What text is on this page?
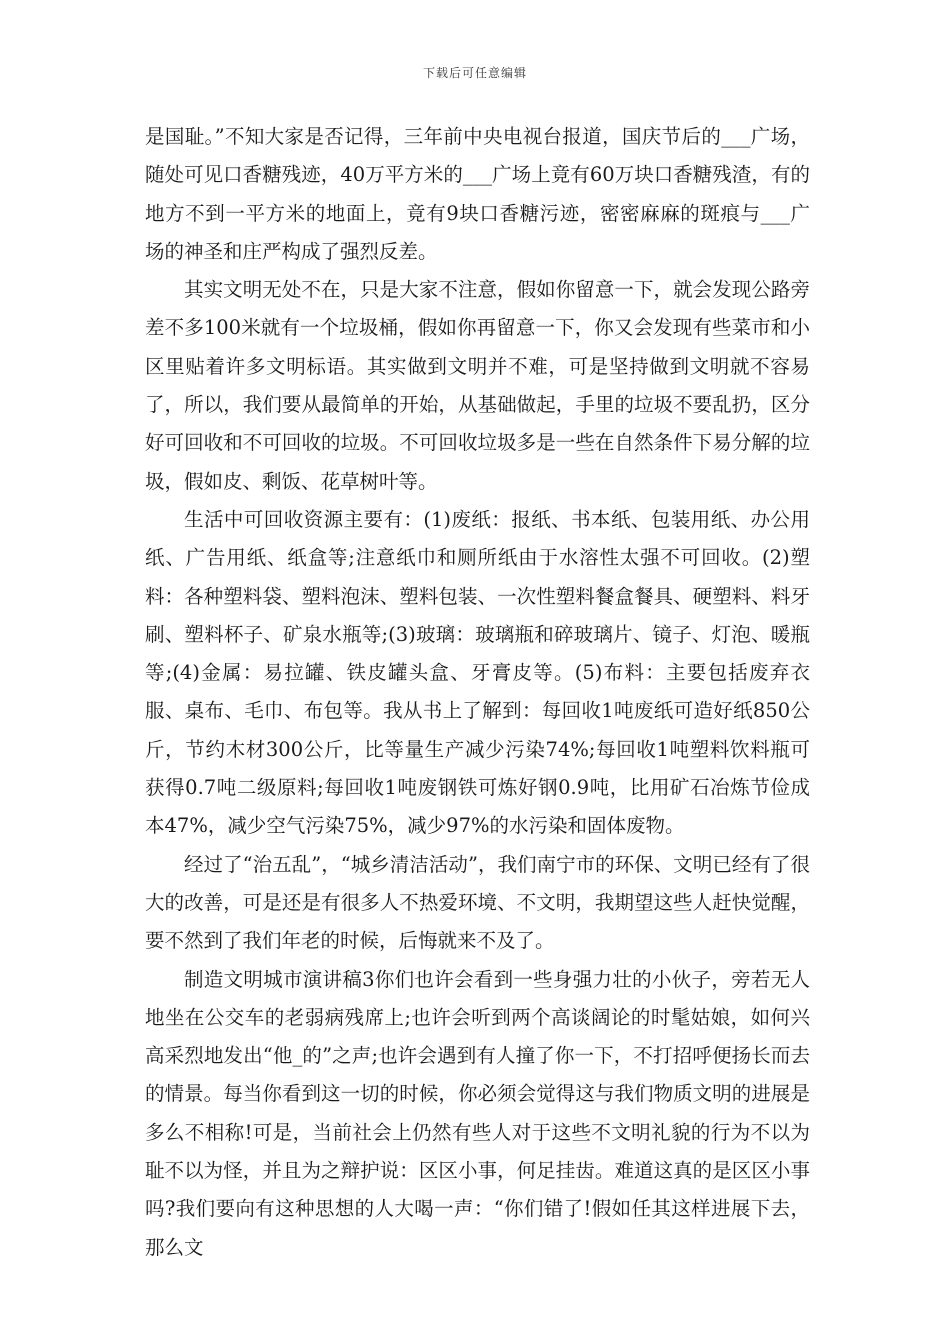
下载后可任意编辑

是国耻。”不知大家是否记得，三年前中央电视台报道，国庆节后的___广场，随处可见口香糖残迹，40万平方米的___广场上竟有60万块口香糖残渣，有的地方不到一平方米的地面上，竟有9块口香糖污迹，密密麻麻的斑痕与___广场的神圣和庄严构成了强烈反差。

其实文明无处不在，只是大家不注意，假如你留意一下，就会发现公路旁差不多100米就有一个垃圾桶，假如你再留意一下，你又会发现有些菜市和小区里贴着许多文明标语。其实做到文明并不难，可是坚持做到文明就不容易了，所以，我们要从最简单的开始，从基础做起，手里的垃圾不要乱扔，区分好可回收和不可回收的垃圾。不可回收垃圾多是一些在自然条件下易分解的垃圾，假如皮、剩饭、花草树叶等。

生活中可回收资源主要有：(1)废纸：报纸、书本纸、包装用纸、办公用纸、广告用纸、纸盒等;注意纸巾和厕所纸由于水溶性太强不可回收。(2)塑料：各种塑料袋、塑料泡沫、塑料包装、一次性塑料餐盒餐具、硬塑料、料牙刷、塑料杯子、矿泉水瓶等;(3)玻璃：玻璃瓶和碎玻璃片、镜子、灯泡、暖瓶等;(4)金属：易拉罐、铁皮罐头盒、牙膏皮等。(5)布料：主要包括废弃衣服、桌布、毛巾、布包等。我从书上了解到：每回收1吨废纸可造好纸850公斤，节约木材300公斤，比等量生产减少污染74%;每回收1吨塑料饮料瓶可获得0.7吨二级原料;每回收1吨废钢铁可炼好钢0.9吨，比用矿石冶炼节俭成本47%，减少空气污染75%，减少97%的水污染和固体废物。

经过了“治五乱”，“城乡清洁活动”，我们南宁市的环保、文明已经有了很大的改善，可是还是有很多人不热爱环境、不文明，我期望这些人赶快觉醒，要不然到了我们年老的时候，后悔就来不及了。

制造文明城市演讲稿3你们也许会看到一些身强力壮的小伙子，旁若无人地坐在公交车的老弱病残席上;也许会听到两个高谈阔论的时髦姑娘，如何兴高采烈地发出“他_的”之声;也许会遇到有人撞了你一下，不打招呼便扬长而去的情景。每当你看到这一切的时候，你必须会觉得这与我们物质文明的进展是多么不相称!可是，当前社会上仍然有些人对于这些不文明礼貌的行为不以为耻不以为怪，并且为之辩护说：区区小事，何足挂齿。难道这真的是区区小事吗?我们要向有这种思想的人大喝一声：“你们错了!假如任其这样进展下去，那么文
